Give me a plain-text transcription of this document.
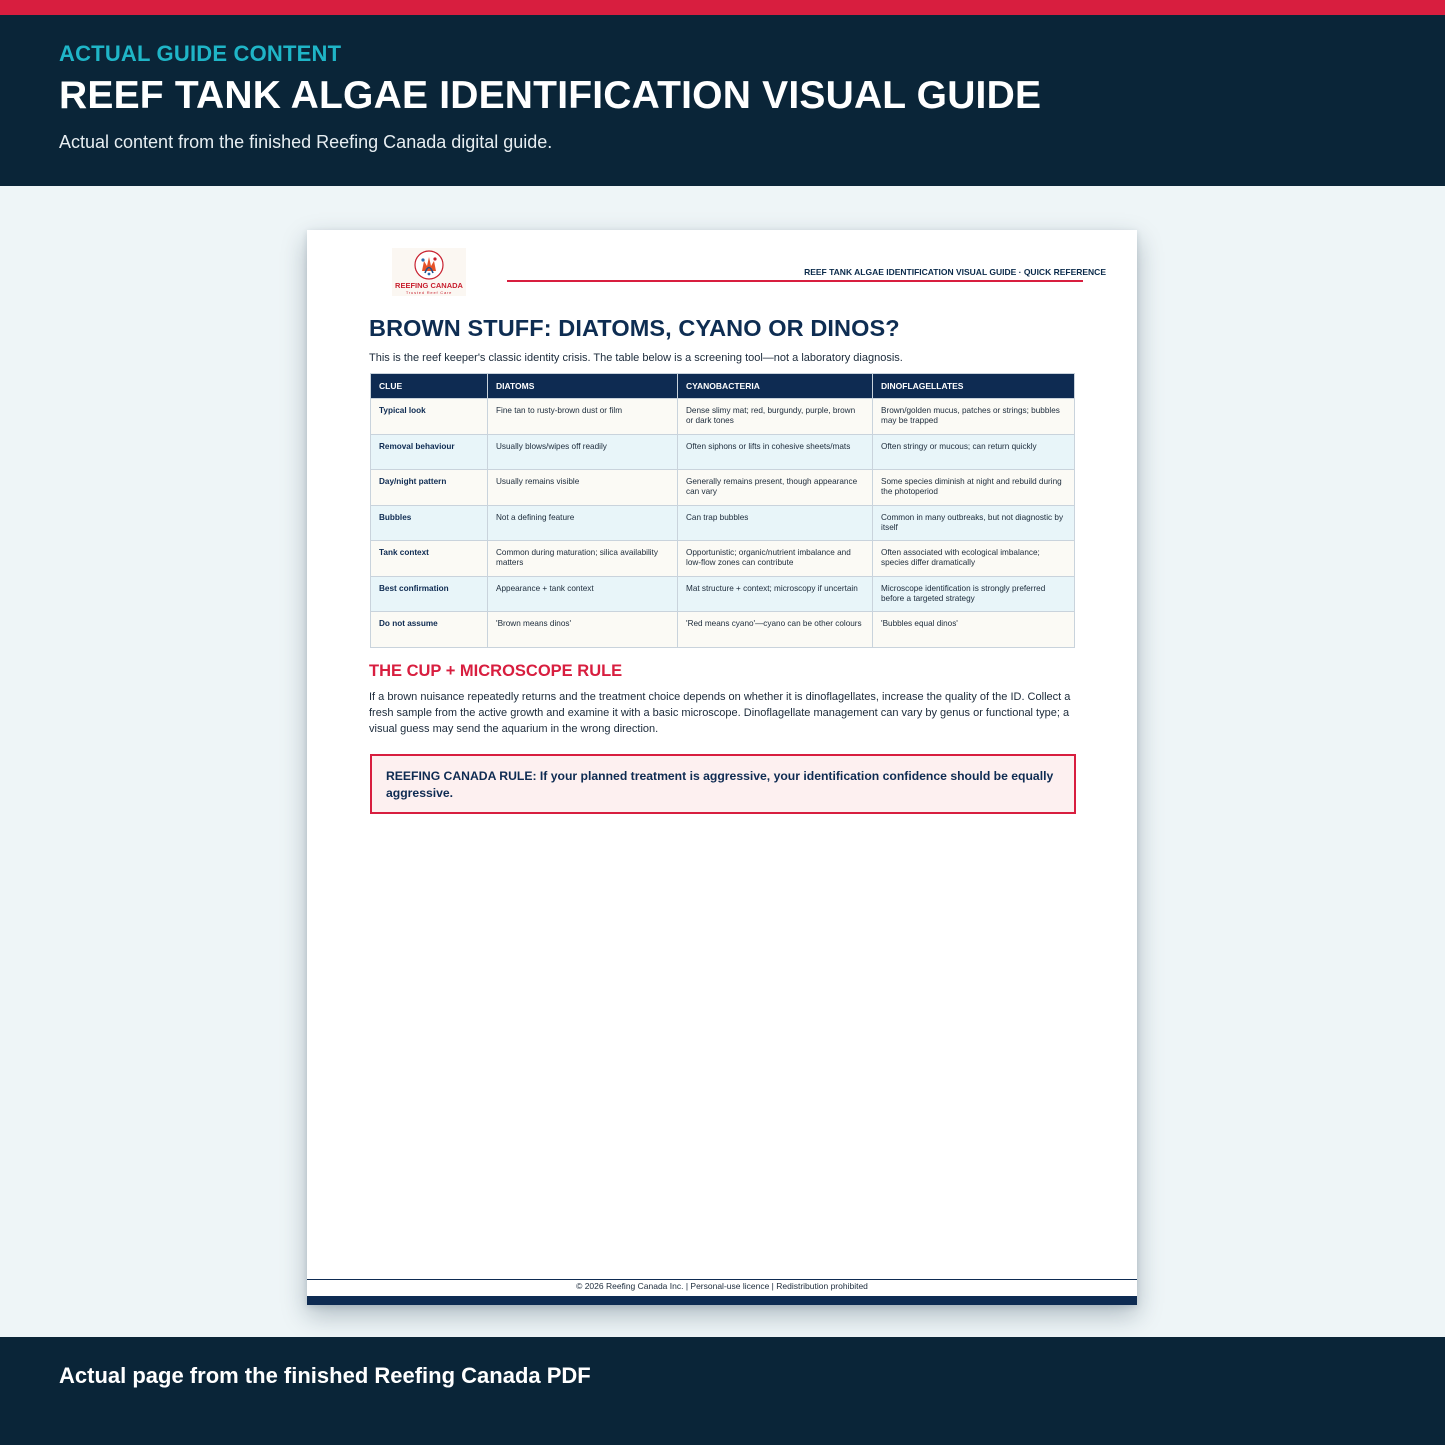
ACTUAL GUIDE CONTENT
REEF TANK ALGAE IDENTIFICATION VISUAL GUIDE
Actual content from the finished Reefing Canada digital guide.
REEFING CANADA
Trusted Reef Care
REEF TANK ALGAE IDENTIFICATION VISUAL GUIDE · QUICK REFERENCE
BROWN STUFF: DIATOMS, CYANO OR DINOS?
This is the reef keeper's classic identity crisis. The table below is a screening tool—not a laboratory diagnosis.
CLUE	DIATOMS	CYANOBACTERIA	DINOFLAGELLATES
Typical look	Fine tan to rusty-brown dust or film	Dense slimy mat; red, burgundy, purple, brown or dark tones	Brown/golden mucus, patches or strings; bubbles may be trapped
Removal behaviour	Usually blows/wipes off readily	Often siphons or lifts in cohesive sheets/mats	Often stringy or mucous; can return quickly
Day/night pattern	Usually remains visible	Generally remains present, though appearance can vary	Some species diminish at night and rebuild during the photoperiod
Bubbles	Not a defining feature	Can trap bubbles	Common in many outbreaks, but not diagnostic by itself
Tank context	Common during maturation; silica availability matters	Opportunistic; organic/nutrient imbalance and low-flow zones can contribute	Often associated with ecological imbalance; species differ dramatically
Best confirmation	Appearance + tank context	Mat structure + context; microscopy if uncertain	Microscope identification is strongly preferred before a targeted strategy
Do not assume	'Brown means dinos'	'Red means cyano'—cyano can be other colours	'Bubbles equal dinos'
THE CUP + MICROSCOPE RULE
If a brown nuisance repeatedly returns and the treatment choice depends on whether it is dinoflagellates, increase the quality of the ID. Collect a fresh sample from the active growth and examine it with a basic microscope. Dinoflagellate management can vary by genus or functional type; a visual guess may send the aquarium in the wrong direction.
REEFING CANADA RULE: If your planned treatment is aggressive, your identification confidence should be equally aggressive.
© 2026 Reefing Canada Inc. | Personal-use licence | Redistribution prohibited
Actual page from the finished Reefing Canada PDF
